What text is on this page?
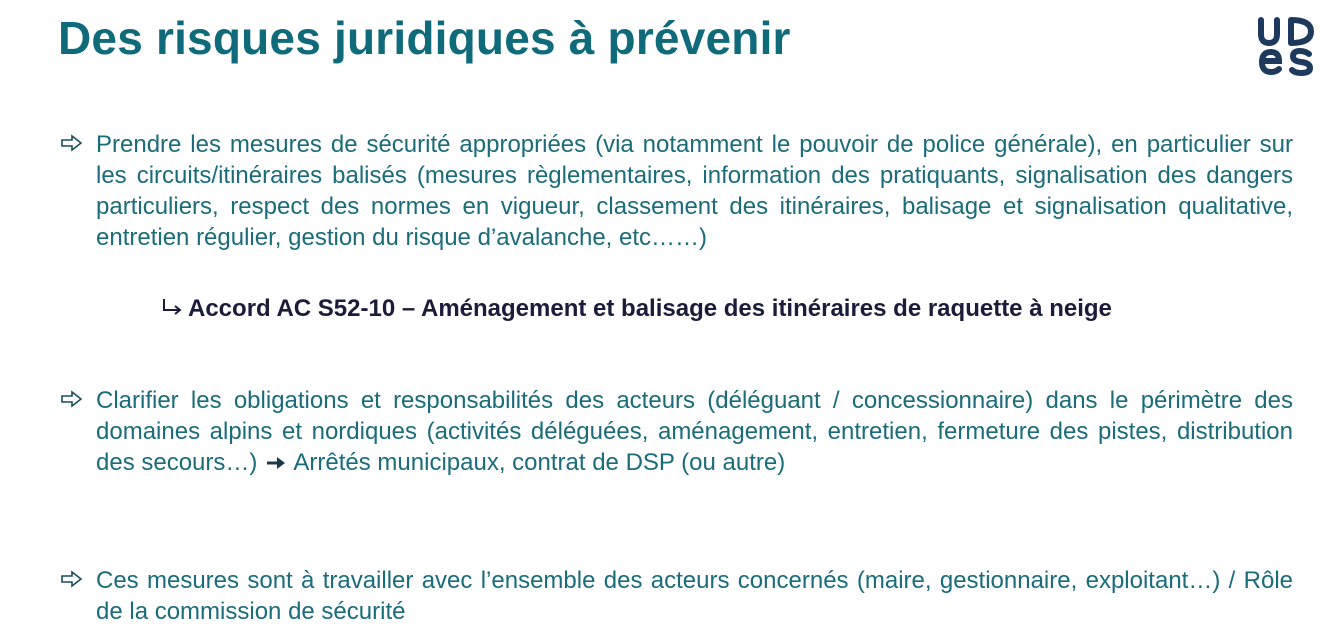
Des risques juridiques à prévenir
Prendre les mesures de sécurité appropriées (via notamment le pouvoir de police générale), en particulier sur les circuits/itinéraires balisés (mesures règlementaires, information des pratiquants, signalisation des dangers particuliers, respect des normes en vigueur, classement des itinéraires, balisage et signalisation qualitative, entretien régulier, gestion du risque d’avalanche, etc……)
Accord AC S52-10 – Aménagement et balisage des itinéraires de raquette à neige
Clarifier les obligations et responsabilités des acteurs (déléguant / concessionnaire) dans le périmètre des domaines alpins et nordiques (activités déléguées, aménagement, entretien, fermeture des pistes, distribution des secours…) Arrêtés municipaux, contrat de DSP (ou autre)
Ces mesures sont à travailler avec l’ensemble des acteurs concernés (maire, gestionnaire, exploitant…) / Rôle de la commission de sécurité
